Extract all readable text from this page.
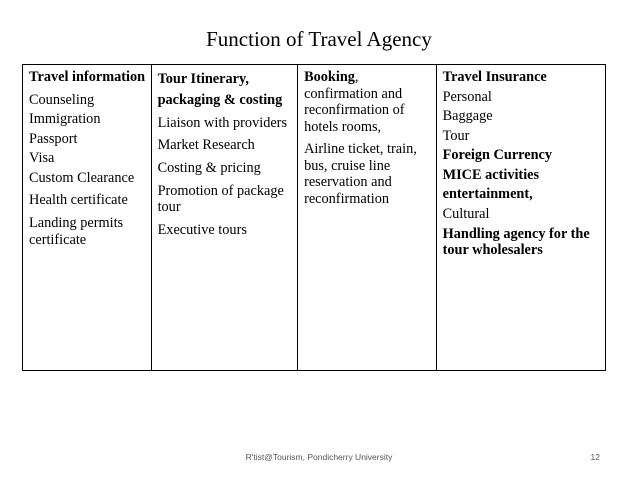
Function of Travel Agency
Travel information
Counseling
Immigration
Passport
Visa
Custom Clearance
Health certificate
Landing permits certificate
Tour Itinerary, packaging & costing
Liaison with providers
Market Research
Costing & pricing
Promotion of package tour
Executive tours
Booking, confirmation and reconfirmation of hotels rooms,
Airline ticket, train, bus, cruise line reservation and reconfirmation
Travel Insurance
Personal
Baggage
Tour
Foreign Currency
MICE activities
entertainment,
Cultural
Handling agency for the tour wholesalers
R'tist@Tourism, Pondicherry University	12
